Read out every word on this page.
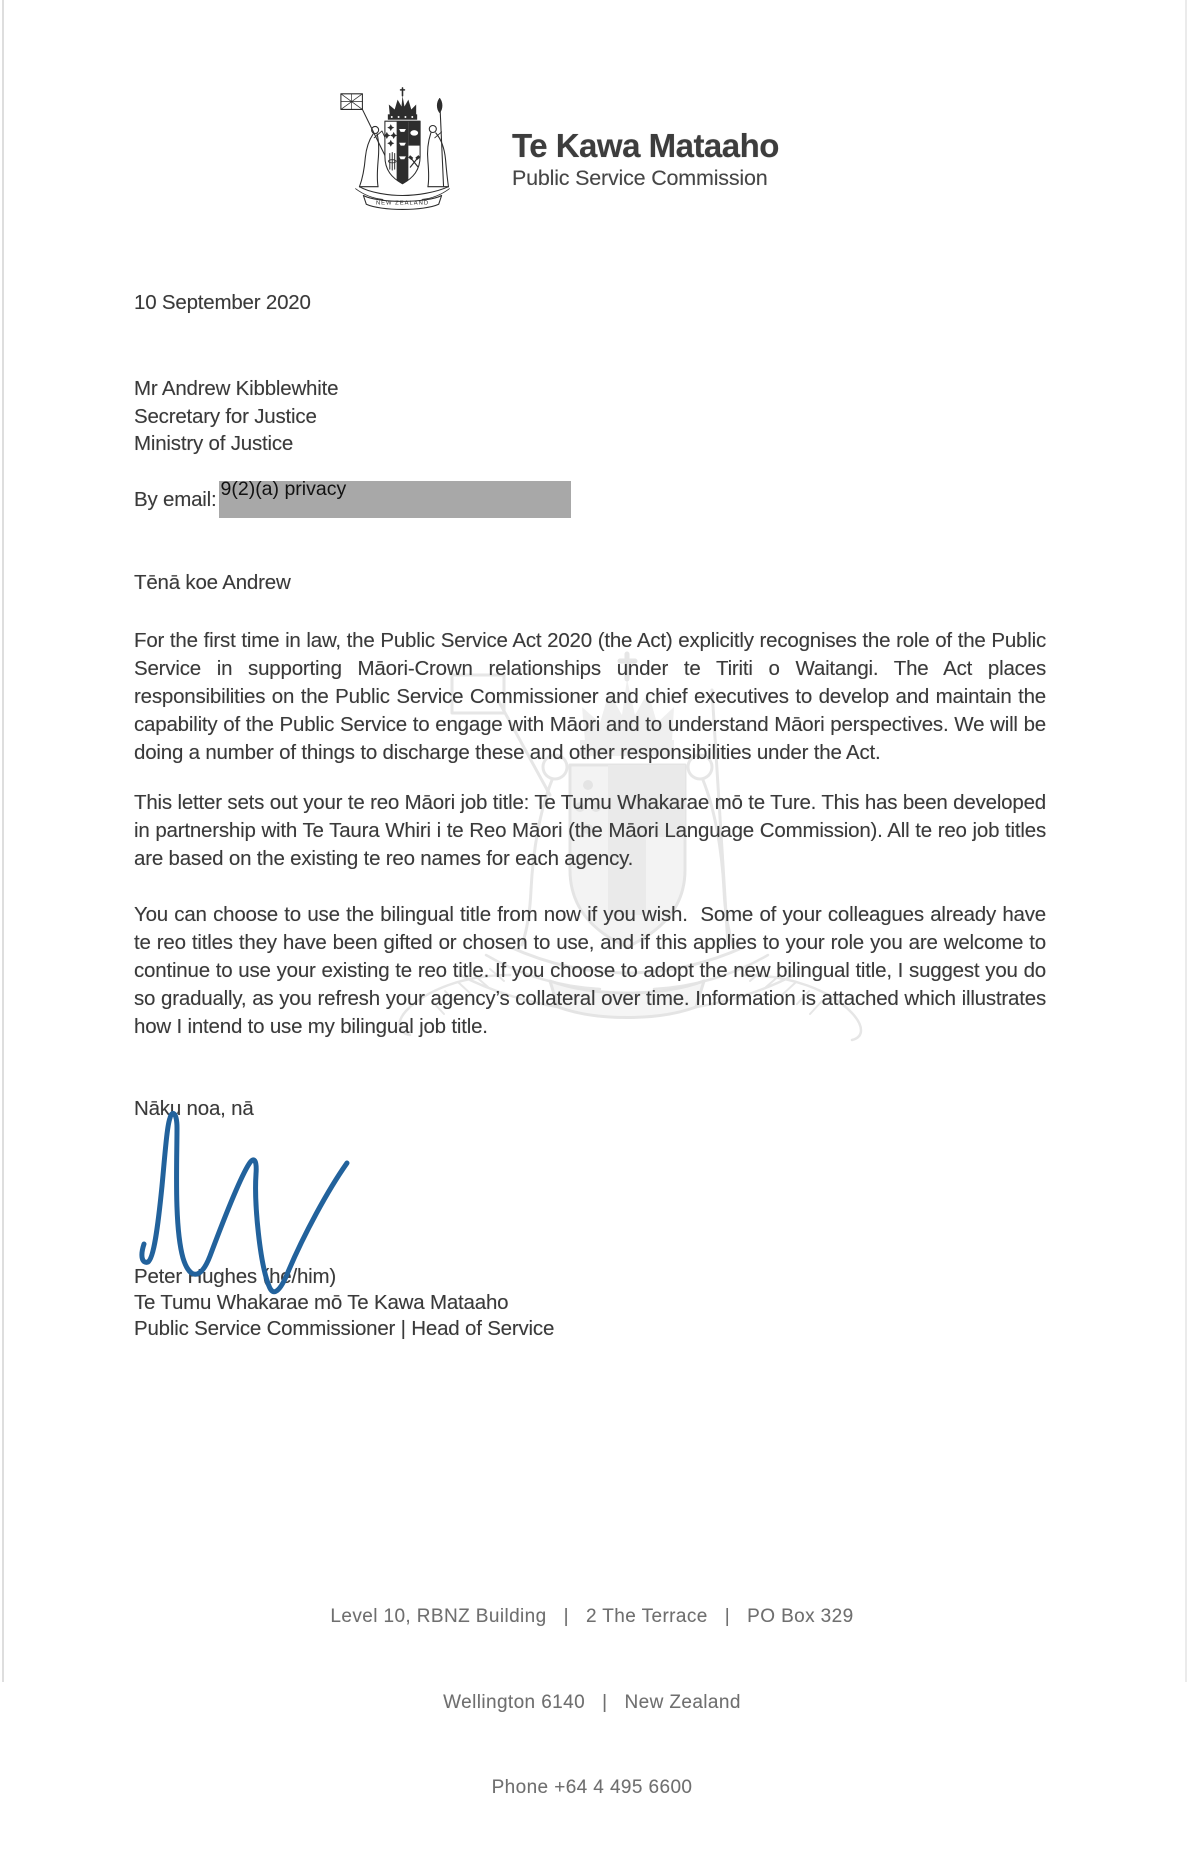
NEW ZEALAND
Te Kawa Mataaho
Public Service Commission
10 September 2020
Mr Andrew Kibblewhite
Secretary for Justice
Ministry of Justice
By email: 9(2)(a) privacy
Tēnā koe Andrew

For the first time in law, the Public Service Act 2020 (the Act) explicitly recognises the role of the Public Service in supporting Māori-Crown relationships under te Tiriti o Waitangi. The Act places responsibilities on the Public Service Commissioner and chief executives to develop and maintain the capability of the Public Service to engage with Māori and to understand Māori perspectives. We will be doing a number of things to discharge these and other responsibilities under the Act.

This letter sets out your te reo Māori job title: Te Tumu Whakarae mō te Ture. This has been developed in partnership with Te Taura Whiri i te Reo Māori (the Māori Language Commission). All te reo job titles are based on the existing te reo names for each agency.

You can choose to use the bilingual title from now if you wish.  Some of your colleagues already have te reo titles they have been gifted or chosen to use, and if this applies to your role you are welcome to continue to use your existing te reo title. If you choose to adopt the new bilingual title, I suggest you do so gradually, as you refresh your agency’s collateral over time. Information is attached which illustrates how I intend to use my bilingual job title.

Nāku noa, nā
Peter Hughes (he/him)
Te Tumu Whakarae mō Te Kawa Mataaho
Public Service Commissioner | Head of Service

Level 10, RBNZ Building   |   2 The Terrace   |   PO Box 329

Wellington 6140   |   New Zealand

Phone +64 4 495 6600
